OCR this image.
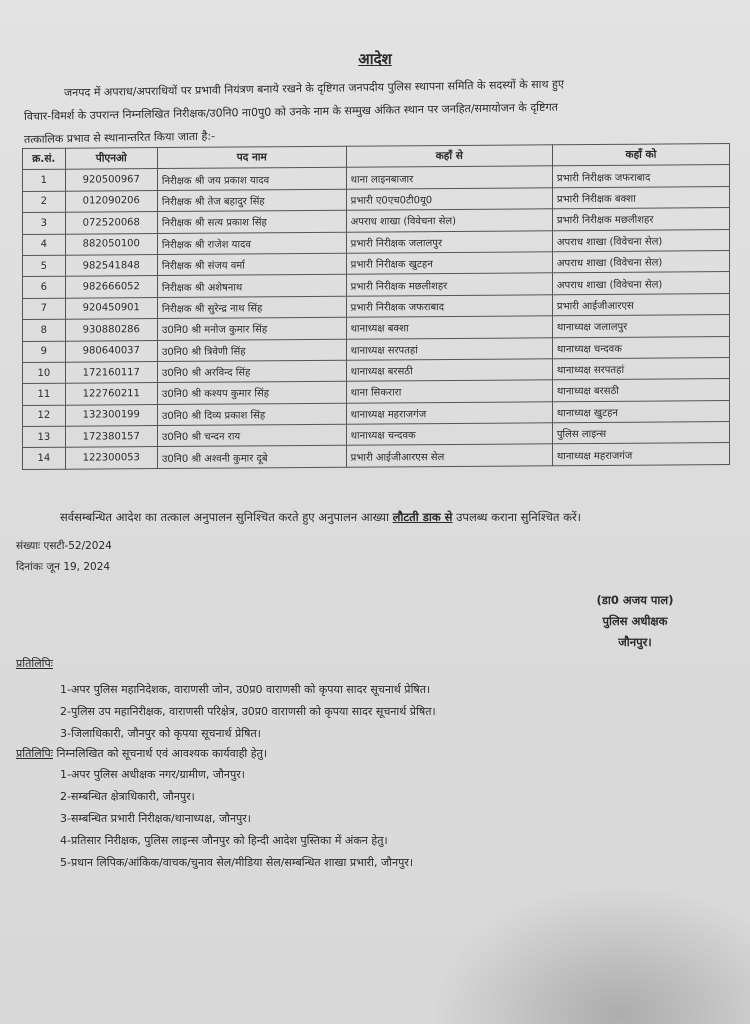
आदेश
जनपद में अपराध/अपराधियों पर प्रभावी नियंत्रण बनाये रखने के दृष्टिगत जनपदीय पुलिस स्थापना समिति के सदस्यों के साथ हुए
विचार-विमर्श के उपरान्त निम्नलिखित निरीक्षक/उ0नि0 ना0पु0 को उनके नाम के सम्मुख अंकित स्थान पर जनहित/समायोजन के दृष्टिगत
तत्कालिक प्रभाव से स्थानान्तरित किया जाता है:-
क्र.सं.	पीएनओ	पद नाम	कहाँ से	कहाँ को
1	920500967	निरीक्षक श्री जय प्रकाश यादव	थाना लाइनबाजार	प्रभारी निरीक्षक जफराबाद
2	012090206	निरीक्षक श्री तेज बहादुर सिंह	प्रभारी ए0एच0टी0यू0	प्रभारी निरीक्षक बक्शा
3	072520068	निरीक्षक श्री सत्य प्रकाश सिंह	अपराध शाखा (विवेचना सेल)	प्रभारी निरीक्षक मछलीशहर
4	882050100	निरीक्षक श्री राजेश यादव	प्रभारी निरीक्षक जलालपुर	अपराध शाखा (विवेचना सेल)
5	982541848	निरीक्षक श्री संजय वर्मा	प्रभारी निरीक्षक खुटहन	अपराध शाखा (विवेचना सेल)
6	982666052	निरीक्षक श्री अशेषनाथ	प्रभारी निरीक्षक मछलीशहर	अपराध शाखा (विवेचना सेल)
7	920450901	निरीक्षक श्री सुरेन्द्र नाथ सिंह	प्रभारी निरीक्षक जफराबाद	प्रभारी आईजीआरएस
8	930880286	उ0नि0 श्री मनोज कुमार सिंह	थानाध्यक्ष बक्शा	थानाध्यक्ष जलालपुर
9	980640037	उ0नि0 श्री त्रिवेणी सिंह	थानाध्यक्ष सरपतहां	थानाध्यक्ष चन्दवक
10	172160117	उ0नि0 श्री अरविन्द सिंह	थानाध्यक्ष बरसठी	थानाध्यक्ष सरपतहां
11	122760211	उ0नि0 श्री कश्यप कुमार सिंह	थाना सिकरारा	थानाध्यक्ष बरसठी
12	132300199	उ0नि0 श्री दिव्य प्रकाश सिंह	थानाध्यक्ष महराजगंज	थानाध्यक्ष खुटहन
13	172380157	उ0नि0 श्री चन्दन राय	थानाध्यक्ष चन्दवक	पुलिस लाइन्स
14	122300053	उ0नि0 श्री अश्वनी कुमार दूबे	प्रभारी आईजीआरएस सेल	थानाध्यक्ष महराजगंज
सर्वसम्बन्धित आदेश का तत्काल अनुपालन सुनिश्चित करते हुए अनुपालन आख्या लौटती डाक से उपलब्ध कराना सुनिश्चित करें।
संख्याः एसटी-52/2024
दिनांकः जून 19, 2024
(डा0 अजय पाल)
पुलिस अधीक्षक
जौनपुर।
प्रतिलिपिः
1-अपर पुलिस महानिदेशक, वाराणसी जोन, उ0प्र0 वाराणसी को कृपया सादर सूचनार्थ प्रेषित।
2-पुलिस उप महानिरीक्षक, वाराणसी परिक्षेत्र, उ0प्र0 वाराणसी को कृपया सादर सूचनार्थ प्रेषित।
3-जिलाधिकारी, जौनपुर को कृपया सूचनार्थ प्रेषित।
प्रतिलिपिः निम्नलिखित को सूचनार्थ एवं आवश्यक कार्यवाही हेतु।
1-अपर पुलिस अधीक्षक नगर/ग्रामीण, जौनपुर।
2-सम्बन्धित क्षेत्राधिकारी, जौनपुर।
3-सम्बन्धित प्रभारी निरीक्षक/थानाध्यक्ष, जौनपुर।
4-प्रतिसार निरीक्षक, पुलिस लाइन्स जौनपुर को हिन्दी आदेश पुस्तिका में अंकन हेतु।
5-प्रधान लिपिक/आंकिक/वाचक/चुनाव सेल/मीडिया सेल/सम्बन्धित शाखा प्रभारी, जौनपुर।
